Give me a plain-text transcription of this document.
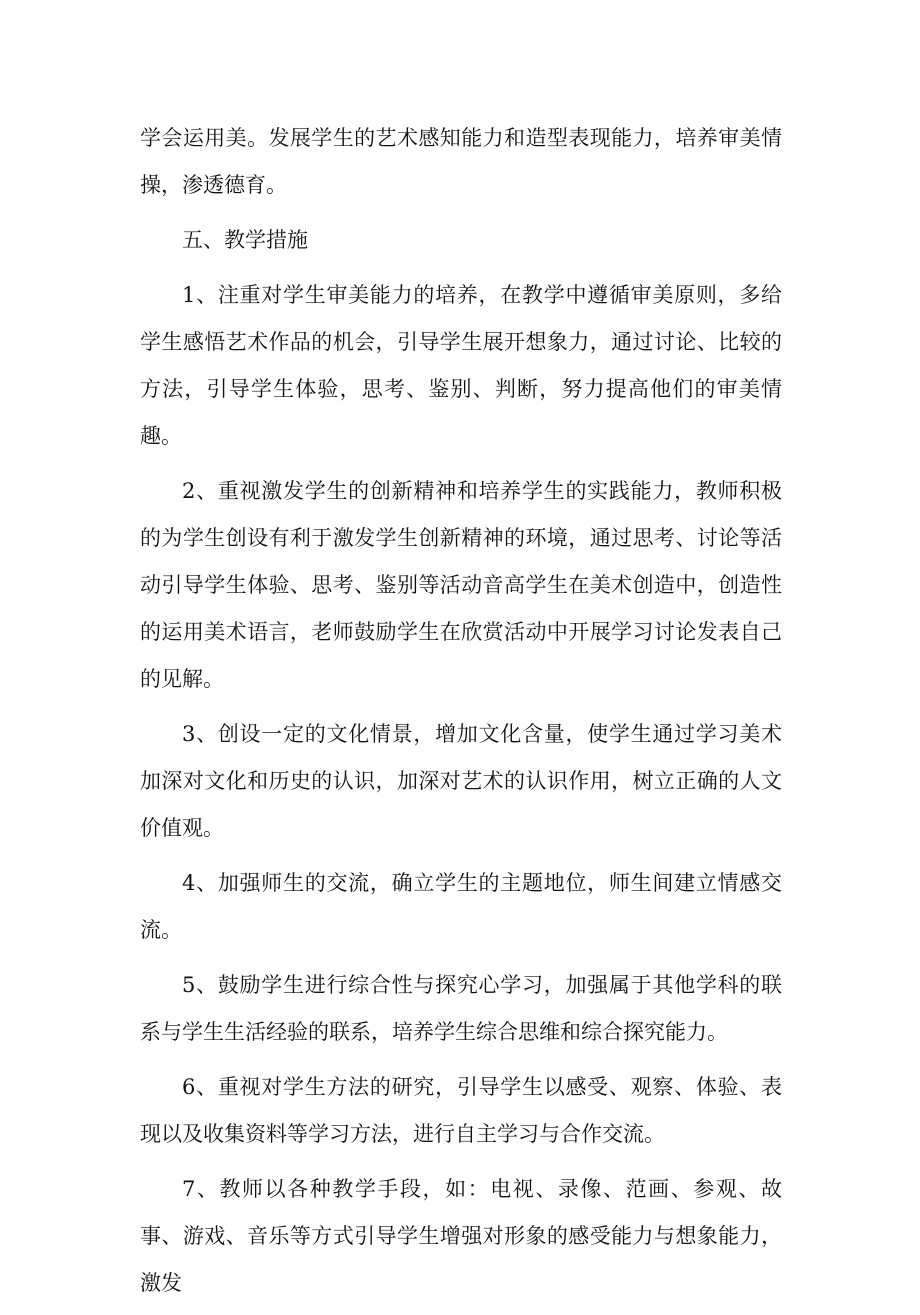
学会运用美。发展学生的艺术感知能力和造型表现能力，培养审美情操，渗透德育。

五、教学措施

1、注重对学生审美能力的培养，在教学中遵循审美原则，多给学生感悟艺术作品的机会，引导学生展开想象力，通过讨论、比较的方法，引导学生体验，思考、鉴别、判断，努力提高他们的审美情趣。

2、重视激发学生的创新精神和培养学生的实践能力，教师积极的为学生创设有利于激发学生创新精神的环境，通过思考、讨论等活动引导学生体验、思考、鉴别等活动音高学生在美术创造中，创造性的运用美术语言，老师鼓励学生在欣赏活动中开展学习讨论发表自己的见解。

3、创设一定的文化情景，增加文化含量，使学生通过学习美术加深对文化和历史的认识，加深对艺术的认识作用，树立正确的人文价值观。

4、加强师生的交流，确立学生的主题地位，师生间建立情感交流。

5、鼓励学生进行综合性与探究心学习，加强属于其他学科的联系与学生生活经验的联系，培养学生综合思维和综合探究能力。

6、重视对学生方法的研究，引导学生以感受、观察、体验、表现以及收集资料等学习方法，进行自主学习与合作交流。

7、教师以各种教学手段，如：电视、录像、范画、参观、故事、游戏、音乐等方式引导学生增强对形象的感受能力与想象能力，激发
